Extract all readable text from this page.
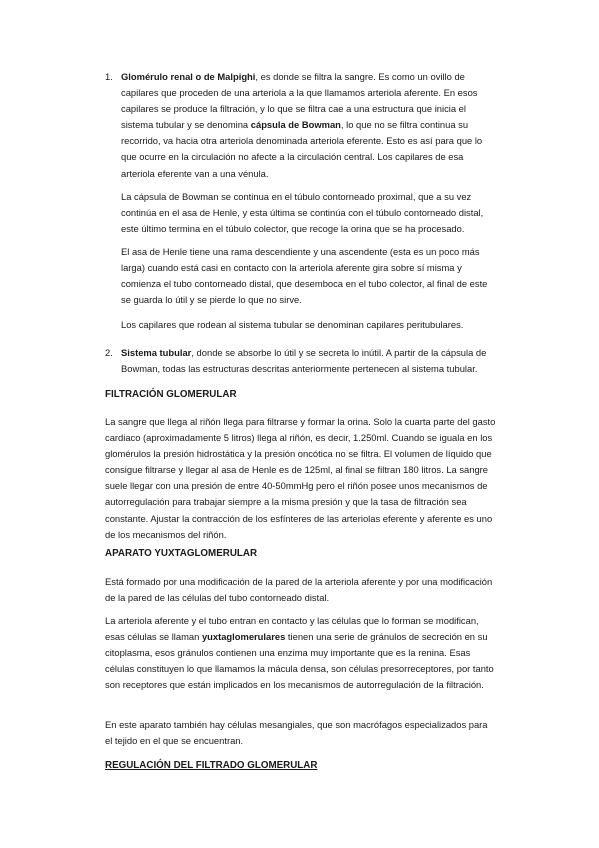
1. Glomérulo renal o de Malpighi, es donde se filtra la sangre. Es como un ovillo de capilares que proceden de una arteriola a la que llamamos arteriola aferente. En esos capilares se produce la filtración, y lo que se filtra cae a una estructura que inicia el sistema tubular y se denomina cápsula de Bowman, lo que no se filtra continua su recorrido, va hacia otra arteriola denominada arteriola eferente. Esto es así para que lo que ocurre en la circulación no afecte a la circulación central. Los capilares de esa arteriola eferente van a una vénula.

La cápsula de Bowman se continua en el túbulo contorneado proximal, que a su vez continúa en el asa de Henle, y esta última se continúa con el túbulo contorneado distal, este último termina en el túbulo colector, que recoge la orina que se ha procesado.

El asa de Henle tiene una rama descendiente y una ascendente (esta es un poco más larga) cuando está casi en contacto con la arteriola aferente gira sobre sí misma y comienza el tubo contorneado distal, que desemboca en el tubo colector, al final de este se guarda lo útil y se pierde lo que no sirve.

Los capilares que rodean al sistema tubular se denominan capilares peritubulares.

2. Sistema tubular, donde se absorbe lo útil y se secreta lo inútil. A partir de la cápsula de Bowman, todas las estructuras descritas anteriormente pertenecen al sistema tubular.

FILTRACIÓN GLOMERULAR

La sangre que llega al riñón llega para filtrarse y formar la orina. Solo la cuarta parte del gasto cardiaco (aproximadamente 5 litros) llega al riñón, es decir, 1.250ml. Cuando se iguala en los glomérulos la presión hidrostática y la presión oncótica no se filtra. El volumen de líquido que consigue filtrarse y llegar al asa de Henle es de 125ml, al final se filtran 180 litros. La sangre suele llegar con una presión de entre 40-50mmHg pero el riñón posee unos mecanismos de autorregulación para trabajar siempre a la misma presión y que la tasa de filtración sea constante. Ajustar la contracción de los esfínteres de las arteriolas eferente y aferente es uno de los mecanismos del riñón.

APARATO YUXTAGLOMERULAR

Está formado por una modificación de la pared de la arteriola aferente y por una modificación de la pared de las células del tubo contorneado distal.

La arteriola aferente y el tubo entran en contacto y las células que lo forman se modifican, esas células se llaman yuxtaglomerulares tienen una serie de gránulos de secreción en su citoplasma, esos gránulos contienen una enzima muy importante que es la renina. Esas células constituyen lo que llamamos la mácula densa, son células presorreceptores, por tanto son receptores que están implicados en los mecanismos de autorregulación de la filtración.

En este aparato también hay células mesangiales, que son macrófagos especializados para el tejido en el que se encuentran.

REGULACIÓN DEL FILTRADO GLOMERULAR
